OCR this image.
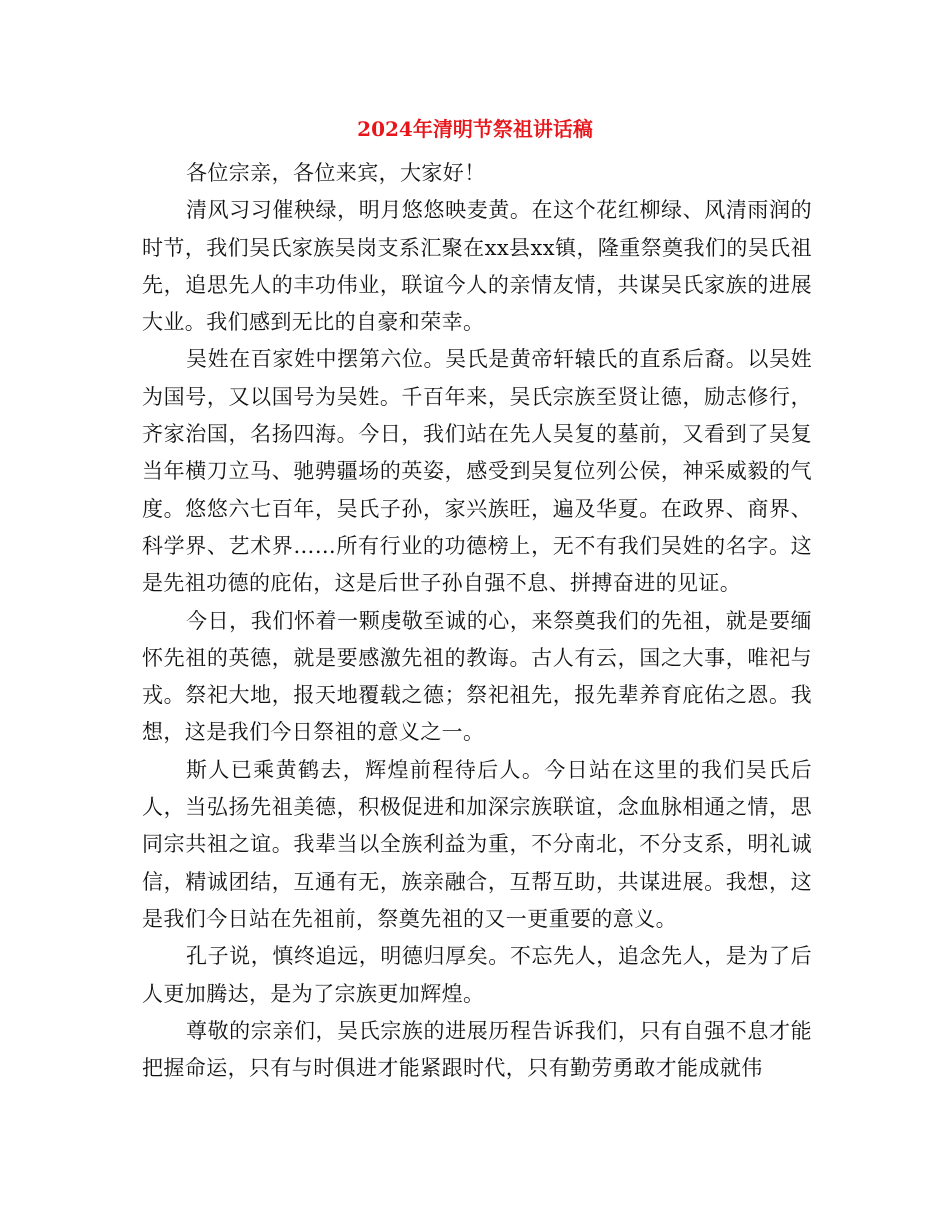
2024年清明节祭祖讲话稿

各位宗亲，各位来宾，大家好！

清风习习催秧绿，明月悠悠映麦黄。在这个花红柳绿、风清雨润的时节，我们吴氏家族吴岗支系汇聚在xx县xx镇，隆重祭奠我们的吴氏祖先，追思先人的丰功伟业，联谊今人的亲情友情，共谋吴氏家族的进展大业。我们感到无比的自豪和荣幸。

吴姓在百家姓中摆第六位。吴氏是黄帝轩辕氏的直系后裔。以吴姓为国号，又以国号为吴姓。千百年来，吴氏宗族至贤让德，励志修行，齐家治国，名扬四海。今日，我们站在先人吴复的墓前，又看到了吴复当年横刀立马、驰骋疆场的英姿，感受到吴复位列公侯，神采威毅的气度。悠悠六七百年，吴氏子孙，家兴族旺，遍及华夏。在政界、商界、科学界、艺术界……所有行业的功德榜上，无不有我们吴姓的名字。这是先祖功德的庇佑，这是后世子孙自强不息、拼搏奋进的见证。

今日，我们怀着一颗虔敬至诚的心，来祭奠我们的先祖，就是要缅怀先祖的英德，就是要感激先祖的教诲。古人有云，国之大事，唯祀与戎。祭祀大地，报天地覆载之德；祭祀祖先，报先辈养育庇佑之恩。我想，这是我们今日祭祖的意义之一。

斯人已乘黄鹤去，辉煌前程待后人。今日站在这里的我们吴氏后人，当弘扬先祖美德，积极促进和加深宗族联谊，念血脉相通之情，思同宗共祖之谊。我辈当以全族利益为重，不分南北，不分支系，明礼诚信，精诚团结，互通有无，族亲融合，互帮互助，共谋进展。我想，这是我们今日站在先祖前，祭奠先祖的又一更重要的意义。

孔子说，慎终追远，明德归厚矣。不忘先人，追念先人，是为了后人更加腾达，是为了宗族更加辉煌。

尊敬的宗亲们，吴氏宗族的进展历程告诉我们，只有自强不息才能把握命运，只有与时俱进才能紧跟时代，只有勤劳勇敢才能成就伟
